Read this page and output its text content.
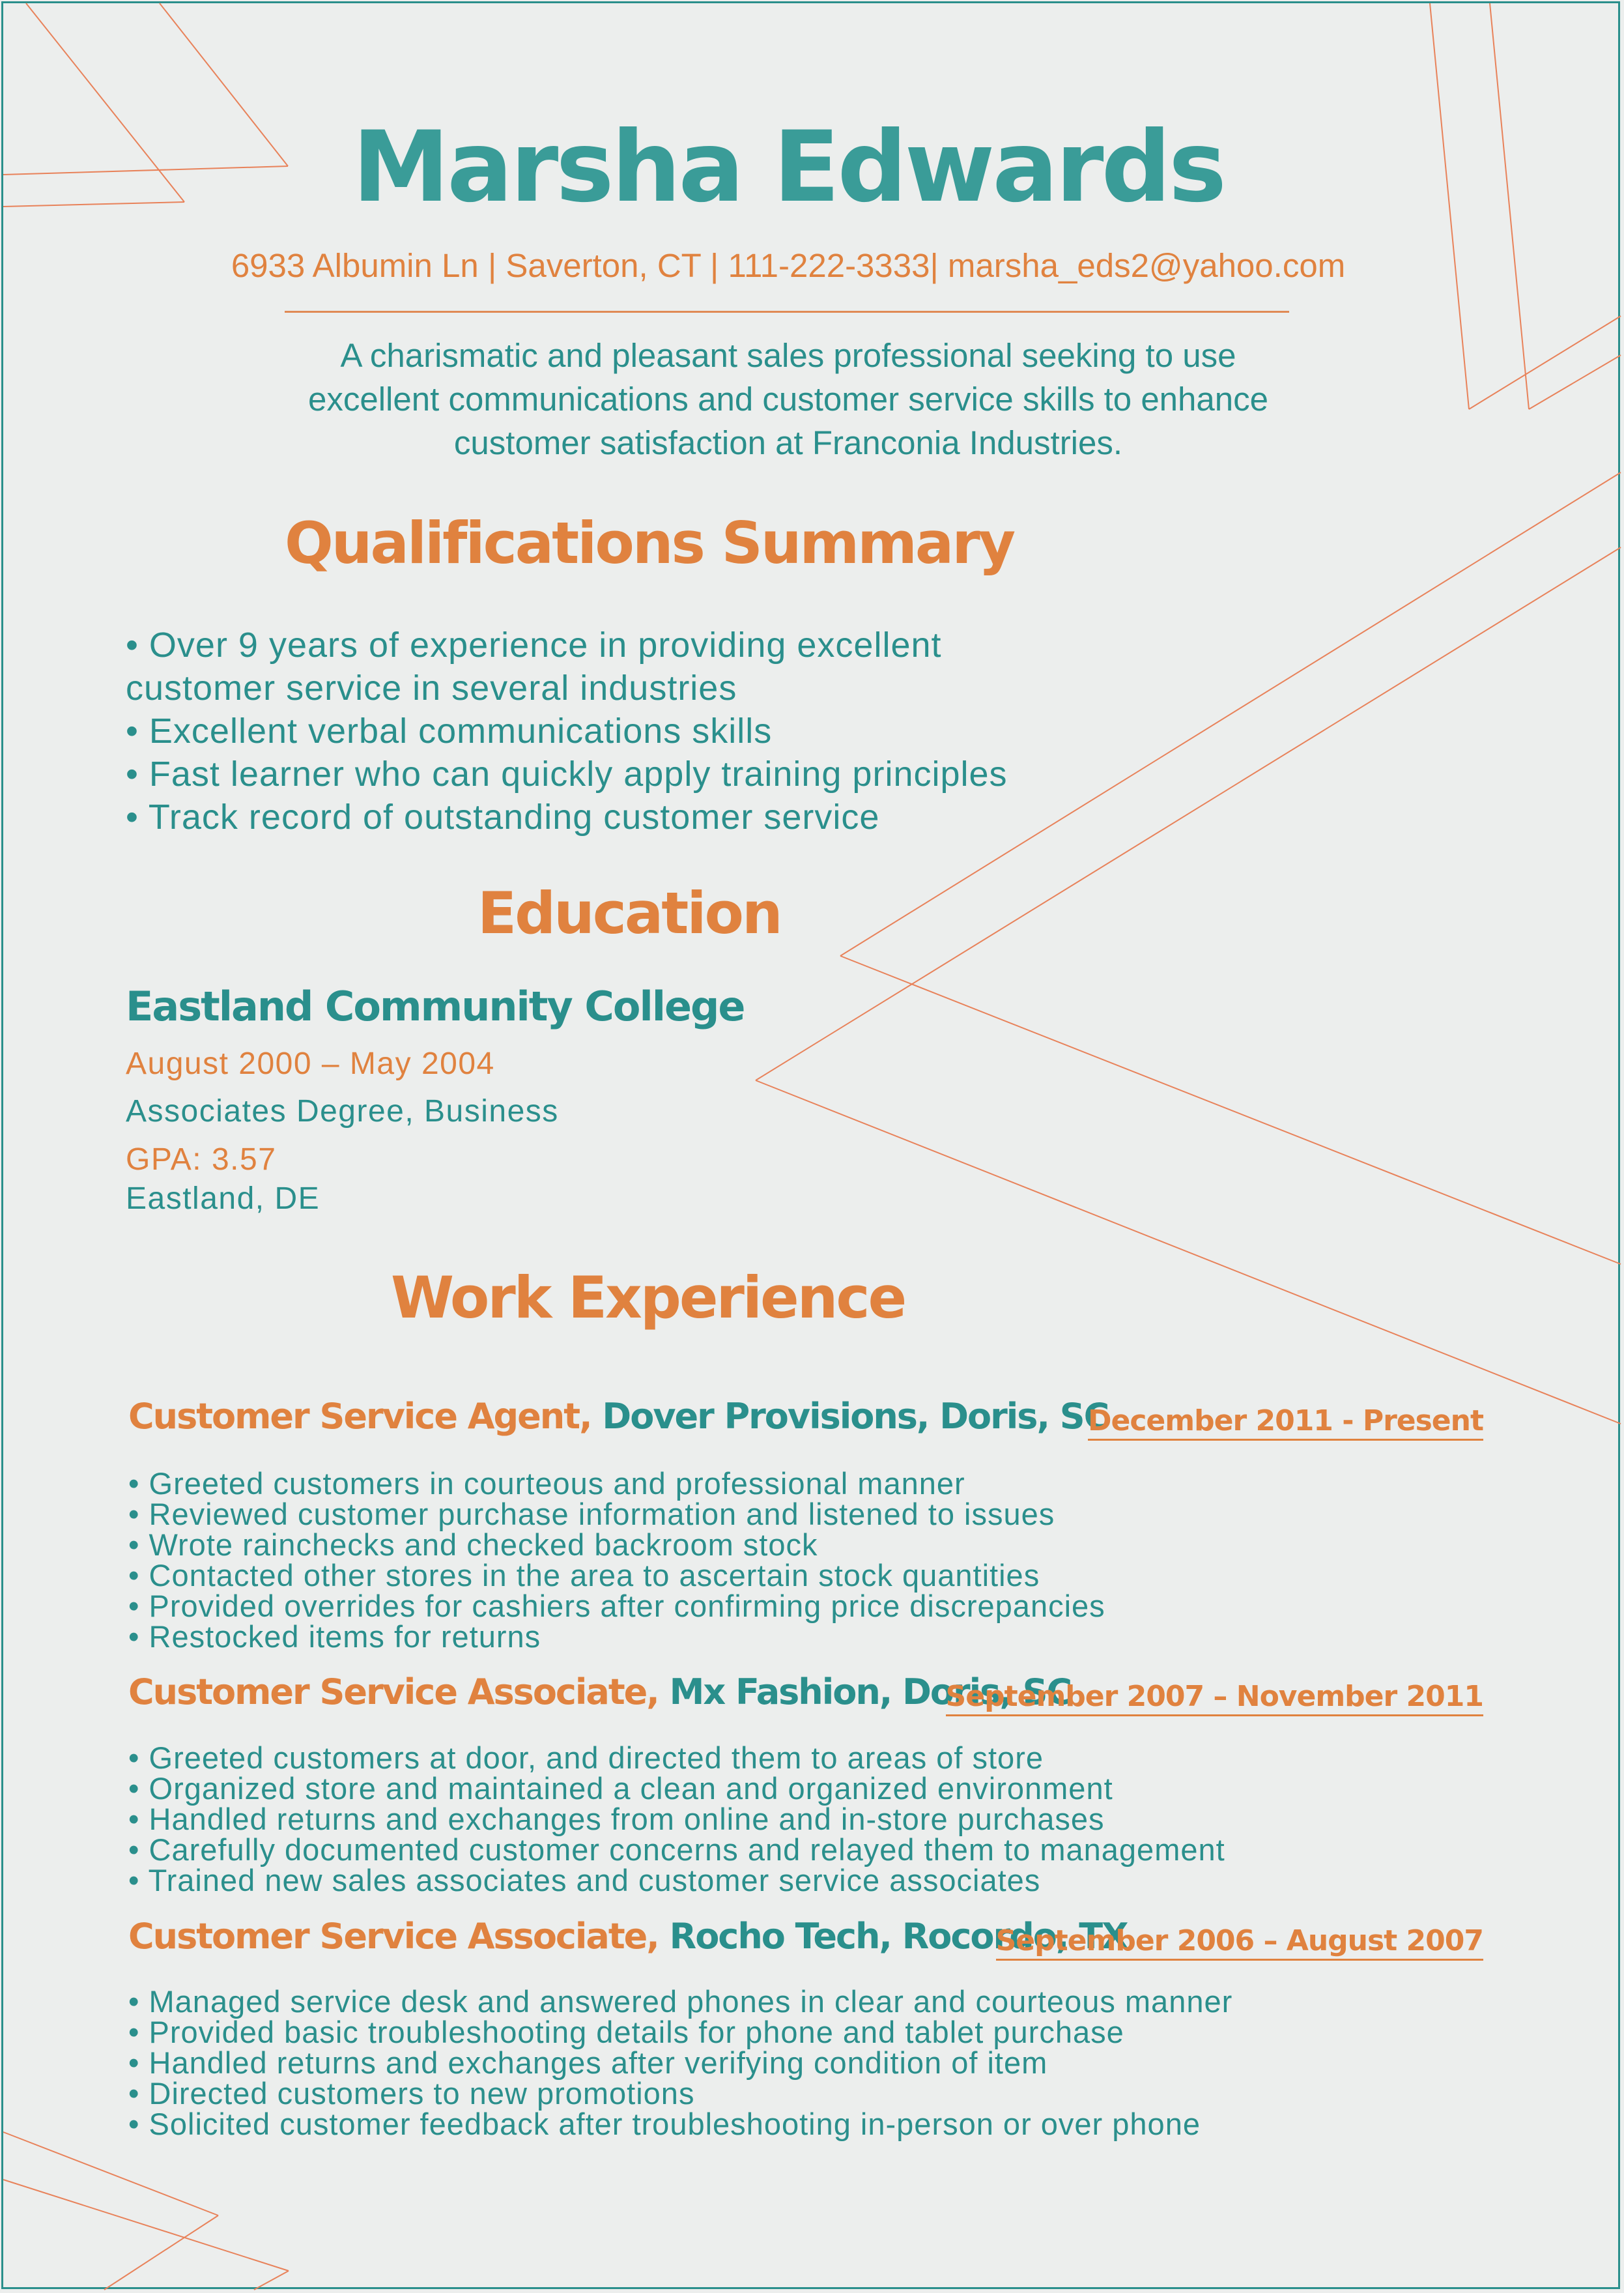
Marsha Edwards
6933 Albumin Ln | Saverton, CT | 111-222-3333| marsha_eds2@yahoo.com
A charismatic and pleasant sales professional seeking to use excellent communications and customer service skills to enhance customer satisfaction at Franconia Industries.
Qualifications Summary
• Over 9 years of experience in providing excellent
customer service in several industries
• Excellent verbal communications skills
• Fast learner who can quickly apply training principles
• Track record of outstanding customer service
Education
Eastland Community College
August 2000 – May 2004
Associates Degree, Business
GPA: 3.57
Eastland, DE
Work Experience
Customer Service Agent, Dover Provisions, Doris, SC
December 2011 - Present
• Greeted customers in courteous and professional manner
• Reviewed customer purchase information and listened to issues
• Wrote rainchecks and checked backroom stock
• Contacted other stores in the area to ascertain stock quantities
• Provided overrides for cashiers after confirming price discrepancies
• Restocked items for returns
Customer Service Associate, Mx Fashion, Doris, SC
September 2007 – November 2011
• Greeted customers at door, and directed them to areas of store
• Organized store and maintained a clean and organized environment
• Handled returns and exchanges from online and in-store purchases
• Carefully documented customer concerns and relayed them to management
• Trained new sales associates and customer service associates
Customer Service Associate, Rocho Tech, Rocordo, TX
September 2006 – August 2007
• Managed service desk and answered phones in clear and courteous manner
• Provided basic troubleshooting details for phone and tablet purchase
• Handled returns and exchanges after verifying condition of item
• Directed customers to new promotions
• Solicited customer feedback after troubleshooting in-person or over phone
